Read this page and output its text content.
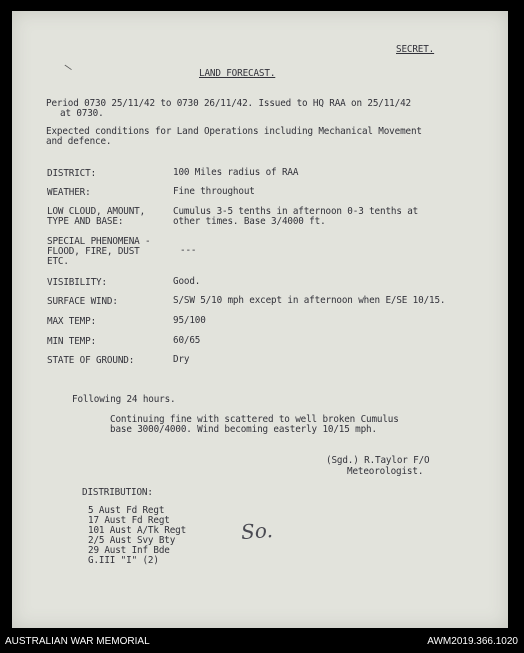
\
SECRET.
LAND FORECAST.
Period 0730 25/11/42 to 0730 26/11/42. Issued to HQ RAA on 25/11/42
at 0730.
Expected conditions for Land Operations including Mechanical Movement
and defence.
DISTRICT:	100 Miles radius of RAA
WEATHER:	Fine throughout
LOW CLOUD, AMOUNT,
TYPE AND BASE:
Cumulus 3-5 tenths in afternoon 0-3 tenths at
other times. Base 3/4000 ft.
SPECIAL PHENOMENA -
FLOOD, FIRE, DUST
ETC.
---
VISIBILITY:	Good.
SURFACE WIND:	S/SW 5/10 mph except in afternoon when E/SE 10/15.
MAX TEMP:	95/100
MIN TEMP:	60/65
STATE OF GROUND:	Dry
Following 24 hours.
Continuing fine with scattered to well broken Cumulus
base 3000/4000. Wind becoming easterly 10/15 mph.
(Sgd.) R.Taylor F/O
Meteorologist.
DISTRIBUTION:
5 Aust Fd Regt
17 Aust Fd Regt
101 Aust A/Tk Regt
2/5 Aust Svy Bty
29 Aust Inf Bde
G.III "I" (2)
So.
AUSTRALIAN WAR MEMORIAL	AWM2019.366.1020
